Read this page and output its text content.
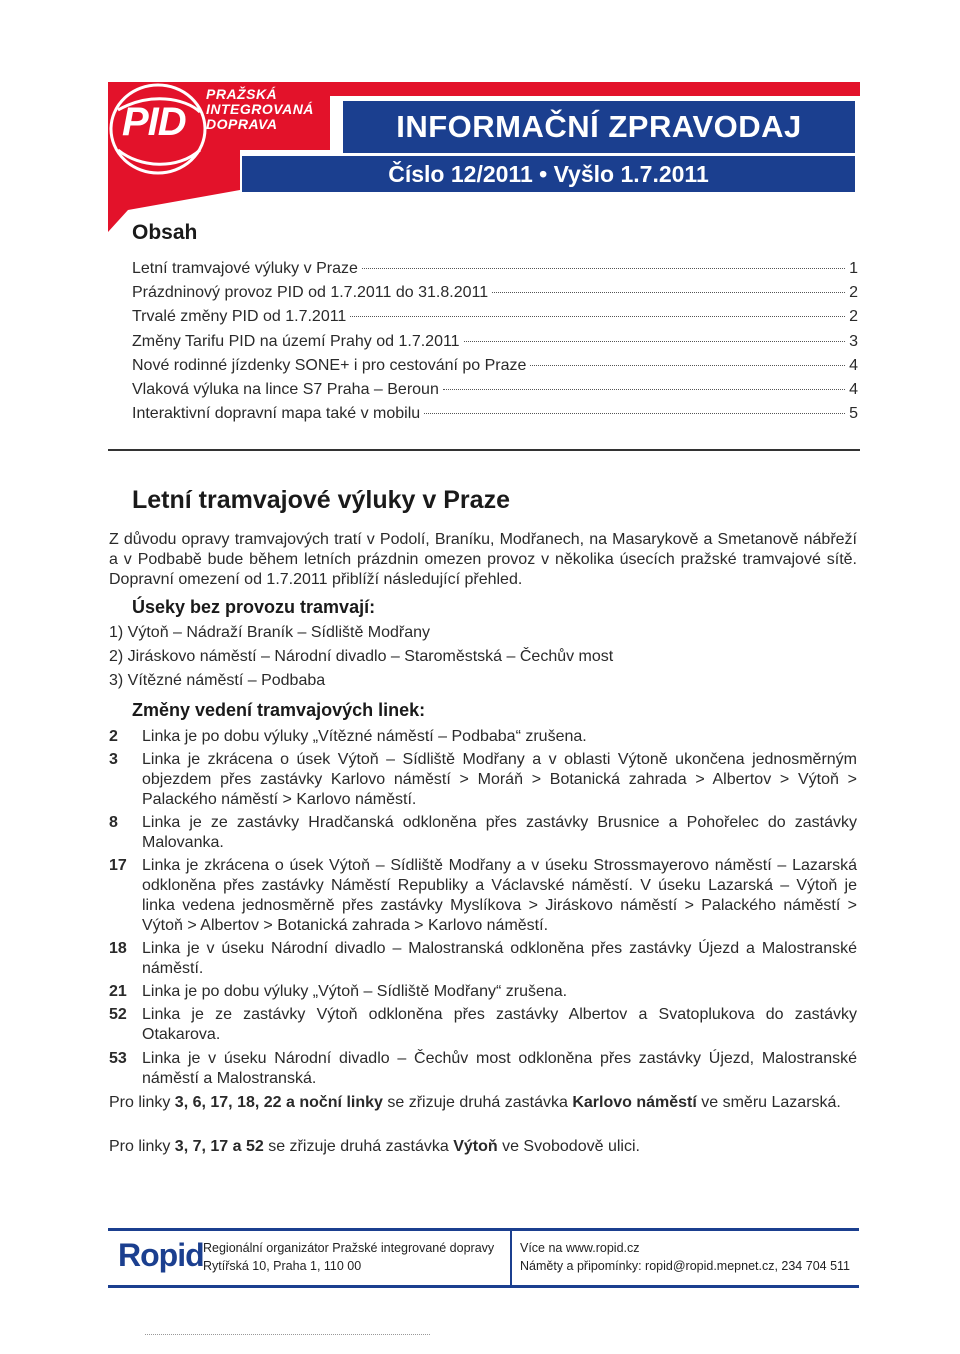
PID
PRAŽSKÁ
INTEGROVANÁ
DOPRAVA	INFORMAČNÍ ZPRAVODAJ
Číslo 12/2011 • Vyšlo 1.7.2011
Obsah
Letní tramvajové výluky v Praze	1
Prázdninový provoz PID od 1.7.2011 do 31.8.2011	2
Trvalé změny PID od 1.7.2011	2
Změny Tarifu PID na území Prahy od 1.7.2011	3
Nové rodinné jízdenky SONE+ i pro cestování po Praze	4
Vlaková výluka na lince S7 Praha – Beroun	4
Interaktivní dopravní mapa také v mobilu	5
Letní tramvajové výluky v Praze
Z důvodu opravy tramvajových tratí v Podolí, Braníku, Modřanech, na Masarykově a Smetanově nábřeží a v Podbabě bude během letních prázdnin omezen provoz v několika úsecích pražské tramvajové sítě. Dopravní omezení od 1.7.2011 přiblíží následující přehled.
Úseky bez provozu tramvají:
1) Výtoň – Nádraží Braník – Sídliště Modřany
2) Jiráskovo náměstí – Národní divadlo – Staroměstská – Čechův most
3) Vítězné náměstí – Podbaba
Změny vedení tramvajových linek:
2 Linka je po dobu výluky „Vítězné náměstí – Podbaba“ zrušena.
3 Linka je zkrácena o úsek Výtoň – Sídliště Modřany a v oblasti Výtoně ukončena jednosměrným objezdem přes zastávky Karlovo náměstí > Moráň > Botanická zahrada > Albertov > Výtoň > Palackého náměstí > Karlovo náměstí.
8 Linka je ze zastávky Hradčanská odkloněna přes zastávky Brusnice a Pohořelec do zastávky Malovanka.
17 Linka je zkrácena o úsek Výtoň – Sídliště Modřany a v úseku Strossmayerovo náměstí – Lazarská odkloněna přes zastávky Náměstí Republiky a Václavské náměstí. V úseku Lazarská – Výtoň je linka vedena jednosměrně přes zastávky Myslíkova > Jiráskovo náměstí > Palackého náměstí > Výtoň > Albertov > Botanická zahrada > Karlovo náměstí.
18 Linka je v úseku Národní divadlo – Malostranská odkloněna přes zastávky Újezd a Malostranské náměstí.
21 Linka je po dobu výluky „Výtoň – Sídliště Modřany“ zrušena.
52 Linka je ze zastávky Výtoň odkloněna přes zastávky Albertov a Svatoplukova do zastávky Otakarova.
53 Linka je v úseku Národní divadlo – Čechův most odkloněna přes zastávky Újezd, Malostranské náměstí a Malostranská.
Pro linky 3, 6, 17, 18, 22 a noční linky se zřizuje druhá zastávka Karlovo náměstí ve směru Lazarská.
Pro linky 3, 7, 17 a 52 se zřizuje druhá zastávka Výtoň ve Svobodově ulici.
Ropid Regionální organizátor Pražské integrované dopravy
Rytířská 10, Praha 1, 110 00
Více na www.ropid.cz
Náměty a připomínky: ropid@ropid.mepnet.cz, 234 704 511
